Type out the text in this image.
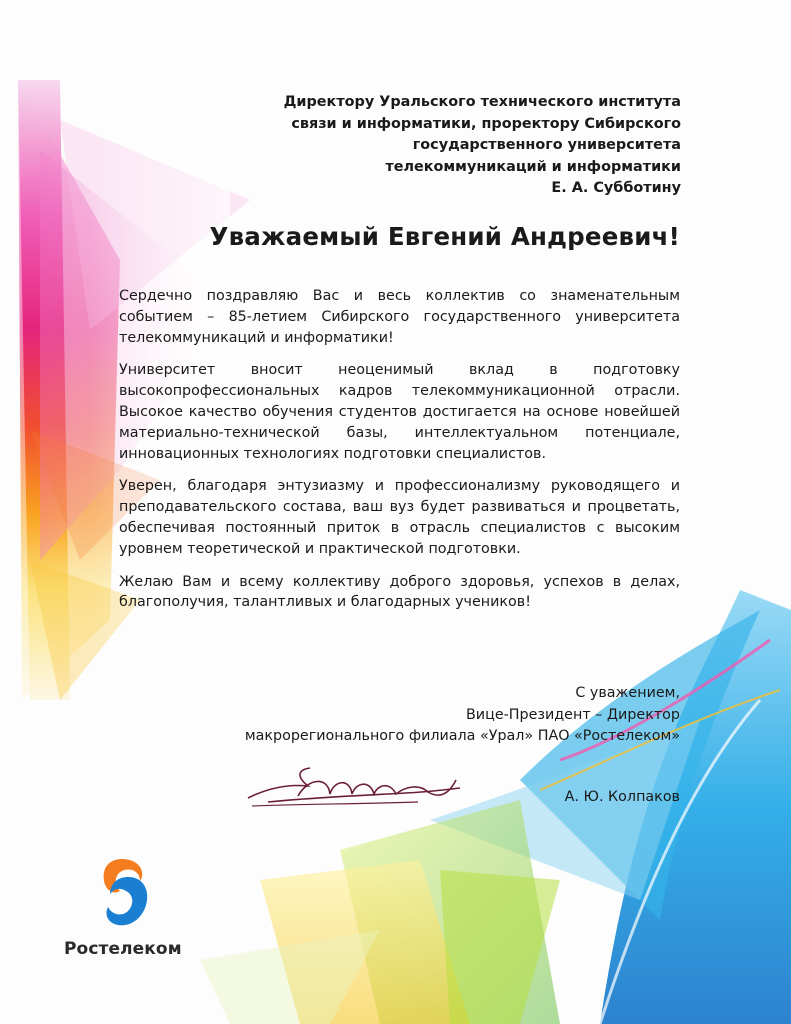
Директору Уральского технического института
связи и информатики, проректору Сибирского
государственного университета
телекоммуникаций и информатики
Е. А. Субботину
Уважаемый Евгений Андреевич!

Сердечно поздравляю Вас и весь коллектив со знаменательным событием – 85-летием Сибирского государственного университета телекоммуникаций и информатики!

Университет вносит неоценимый вклад в подготовку высокопрофессиональных кадров телекоммуникационной отрасли. Высокое качество обучения студентов достигается на основе новейшей материально-технической базы, интеллектуальном потенциале, инновационных технологиях подготовки специалистов.

Уверен, благодаря энтузиазму и профессионализму руководящего и преподавательского состава, ваш вуз будет развиваться и процветать, обеспечивая постоянный приток в отрасль специалистов с высоким уровнем теоретической и практической подготовки.

Желаю Вам и всему коллективу доброго здоровья, успехов в делах, благополучия, талантливых и благодарных учеников!

С уважением,
Вице-Президент – Директор
макрорегионального филиала «Урал» ПАО «Ростелеком»
А. Ю. Колпаков
Ростелеком
